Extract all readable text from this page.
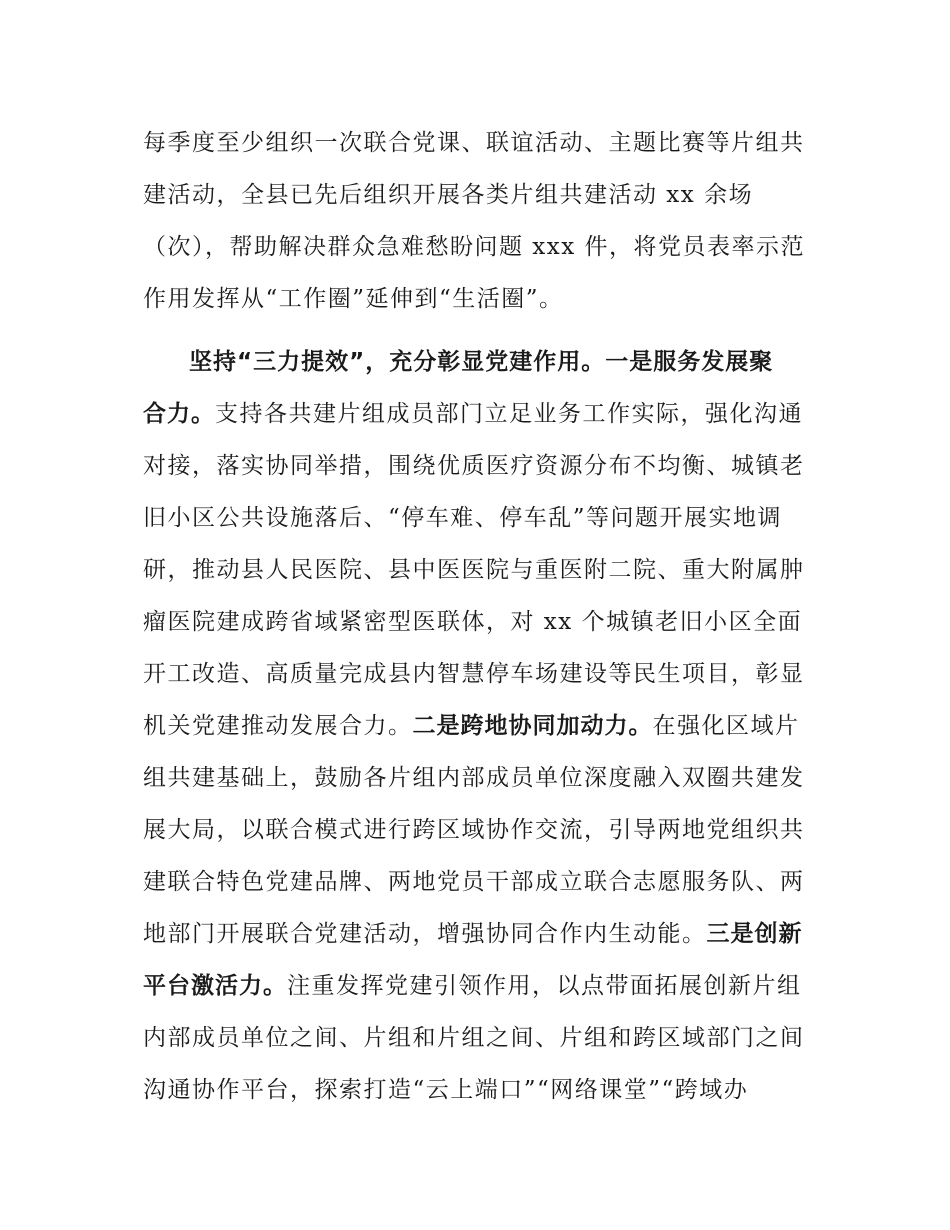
每季度至少组织一次联合党课、联谊活动、主题比赛等片组共
建活动，全县已先后组织开展各类片组共建活动 xx 余场
（次），帮助解决群众急难愁盼问题 xxx 件，将党员表率示范
作用发挥从“工作圈”延伸到“生活圈”。
坚持“三力提效”，充分彰显党建作用。一是服务发展聚
合力。支持各共建片组成员部门立足业务工作实际，强化沟通
对接，落实协同举措，围绕优质医疗资源分布不均衡、城镇老
旧小区公共设施落后、“停车难、停车乱”等问题开展实地调
研，推动县人民医院、县中医医院与重医附二院、重大附属肿
瘤医院建成跨省域紧密型医联体，对 xx 个城镇老旧小区全面
开工改造、高质量完成县内智慧停车场建设等民生项目，彰显
机关党建推动发展合力。二是跨地协同加动力。在强化区域片
组共建基础上，鼓励各片组内部成员单位深度融入双圈共建发
展大局，以联合模式进行跨区域协作交流，引导两地党组织共
建联合特色党建品牌、两地党员干部成立联合志愿服务队、两
地部门开展联合党建活动，增强协同合作内生动能。三是创新
平台激活力。注重发挥党建引领作用，以点带面拓展创新片组
内部成员单位之间、片组和片组之间、片组和跨区域部门之间
沟通协作平台，探索打造“云上端口”“网络课堂”“跨域办
